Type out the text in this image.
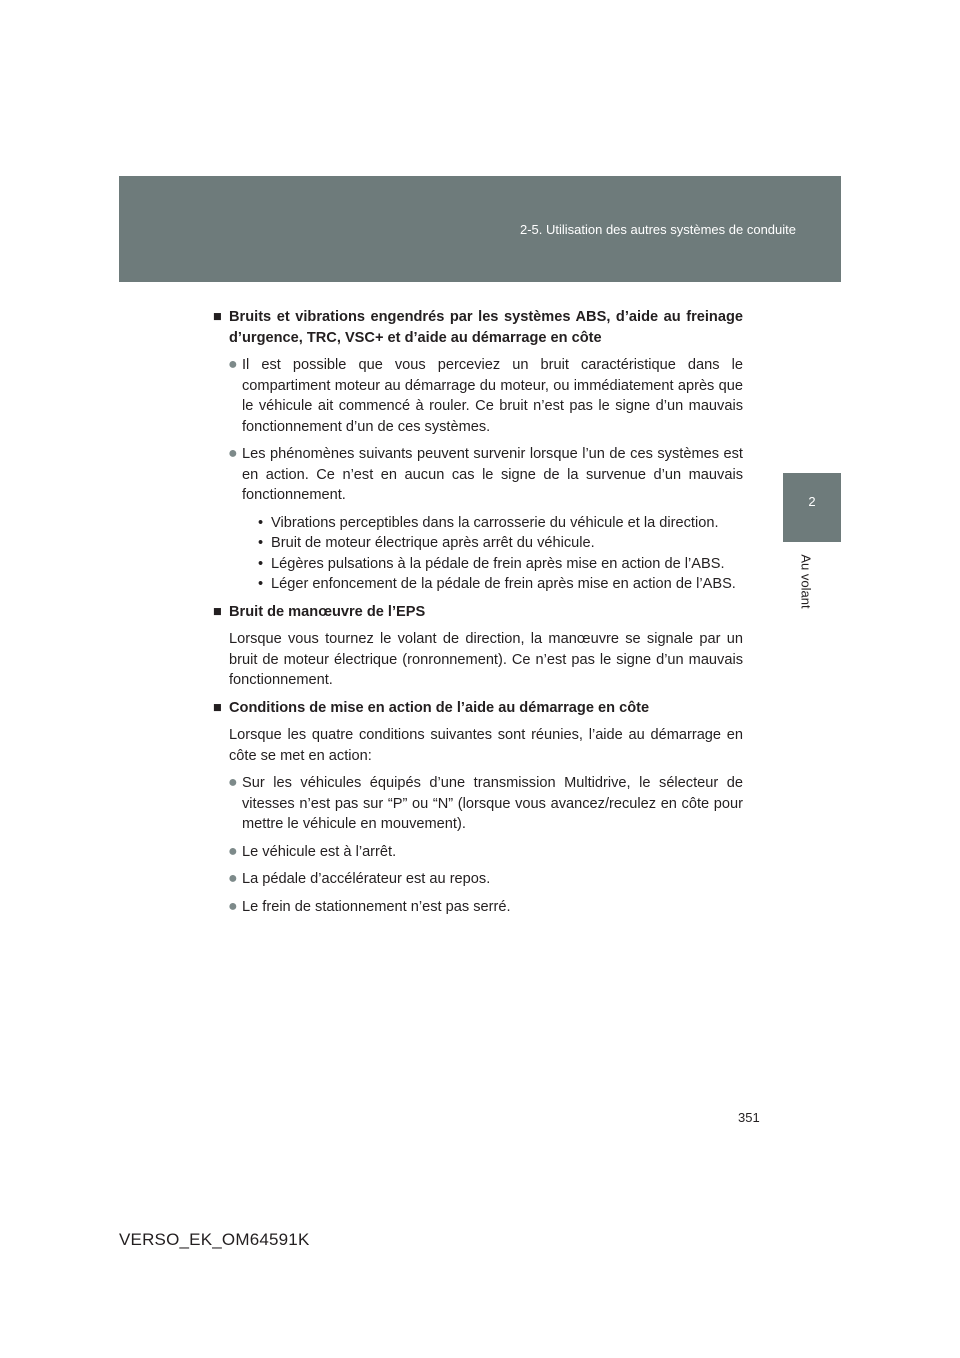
2-5. Utilisation des autres systèmes de conduite
2
Au volant
■ Bruits et vibrations engendrés par les systèmes ABS, d’aide au freinage d’urgence, TRC, VSC+ et d’aide au démarrage en côte
● Il est possible que vous perceviez un bruit caractéristique dans le compartiment moteur au démarrage du moteur, ou immédiatement après que le véhicule ait commencé à rouler. Ce bruit n’est pas le signe d’un mauvais fonctionnement d’un de ces systèmes.
● Les phénomènes suivants peuvent survenir lorsque l’un de ces systèmes est en action. Ce n’est en aucun cas le signe de la survenue d’un mauvais fonctionnement.
• Vibrations perceptibles dans la carrosserie du véhicule et la direction.
• Bruit de moteur électrique après arrêt du véhicule.
• Légères pulsations à la pédale de frein après mise en action de l’ABS.
• Léger enfoncement de la pédale de frein après mise en action de l’ABS.
■ Bruit de manœuvre de l’EPS
Lorsque vous tournez le volant de direction, la manœuvre se signale par un bruit de moteur électrique (ronronnement). Ce n’est pas le signe d’un mauvais fonctionnement.
■ Conditions de mise en action de l’aide au démarrage en côte
Lorsque les quatre conditions suivantes sont réunies, l’aide au démarrage en côte se met en action:
● Sur les véhicules équipés d’une transmission Multidrive, le sélecteur de vitesses n’est pas sur “P” ou “N” (lorsque vous avancez/reculez en côte pour mettre le véhicule en mouvement).
● Le véhicule est à l’arrêt.
● La pédale d’accélérateur est au repos.
● Le frein de stationnement n’est pas serré.
351
VERSO_EK_OM64591K
